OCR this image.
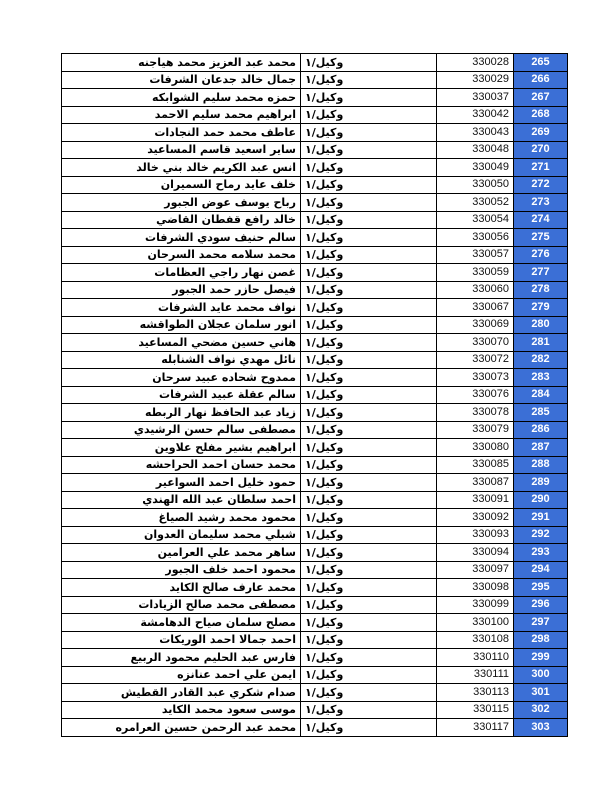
محمد عبد العزيز محمد هياجنه	وكيل/١	330028	265
جمال خالد جدعان الشرفات	وكيل/١	330029	266
حمزه محمد سليم الشوابكه	وكيل/١	330037	267
ابراهيم محمد سليم الاحمد	وكيل/١	330042	268
عاطف محمد حمد النجادات	وكيل/١	330043	269
ساير اسعيد قاسم المساعيد	وكيل/١	330048	270
انس عبد الكريم خالد بني خالد	وكيل/١	330049	271
خلف عايد رماح السميران	وكيل/١	330050	272
رباح يوسف عوض الجبور	وكيل/١	330052	273
خالد رافع قفطان القاضي	وكيل/١	330054	274
سالم حنيف سودي الشرفات	وكيل/١	330056	275
محمد سلامه محمد السرحان	وكيل/١	330057	276
غصن نهار راجي العظامات	وكيل/١	330059	277
فيصل حازر حمد الجبور	وكيل/١	330060	278
نواف محمد عايد الشرفات	وكيل/١	330067	279
انور سلمان عجلان الطواقشه	وكيل/١	330069	280
هاني حسين مضحي المساعيد	وكيل/١	330070	281
نائل مهدي نواف الشنابله	وكيل/١	330072	282
ممدوح شحاده عبيد سرحان	وكيل/١	330073	283
سالم عقلة عبيد الشرفات	وكيل/١	330076	284
زياد عبد الحافظ نهار الربطه	وكيل/١	330078	285
مصطفى سالم حسن الرشيدي	وكيل/١	330079	286
ابراهيم بشير مفلح علاوين	وكيل/١	330080	287
محمد حسان احمد الحراحشه	وكيل/١	330085	288
حمود خليل احمد السواعير	وكيل/١	330087	289
احمد سلطان عبد الله الهندي	وكيل/١	330091	290
محمود محمد رشيد الصياغ	وكيل/١	330092	291
شبلي محمد سليمان العدوان	وكيل/١	330093	292
ساهر محمد علي العرامين	وكيل/١	330094	293
محمود احمد خلف الجبور	وكيل/١	330097	294
محمد عارف صالح الكايد	وكيل/١	330098	295
مصطفى محمد صالح الزيادات	وكيل/١	330099	296
مصلح سلمان صياح الدهامشة	وكيل/١	330100	297
احمد جمالا احمد الوريكات	وكيل/١	330108	298
فارس عبد الحليم محمود الربيع	وكيل/١	330110	299
ايمن علي احمد عنانزه	وكيل/١	330111	300
صدام شكري عبد القادر القطيش	وكيل/١	330113	301
موسى سعود محمد الكايد	وكيل/١	330115	302
محمد عبد الرحمن حسين العرامره	وكيل/١	330117	303
